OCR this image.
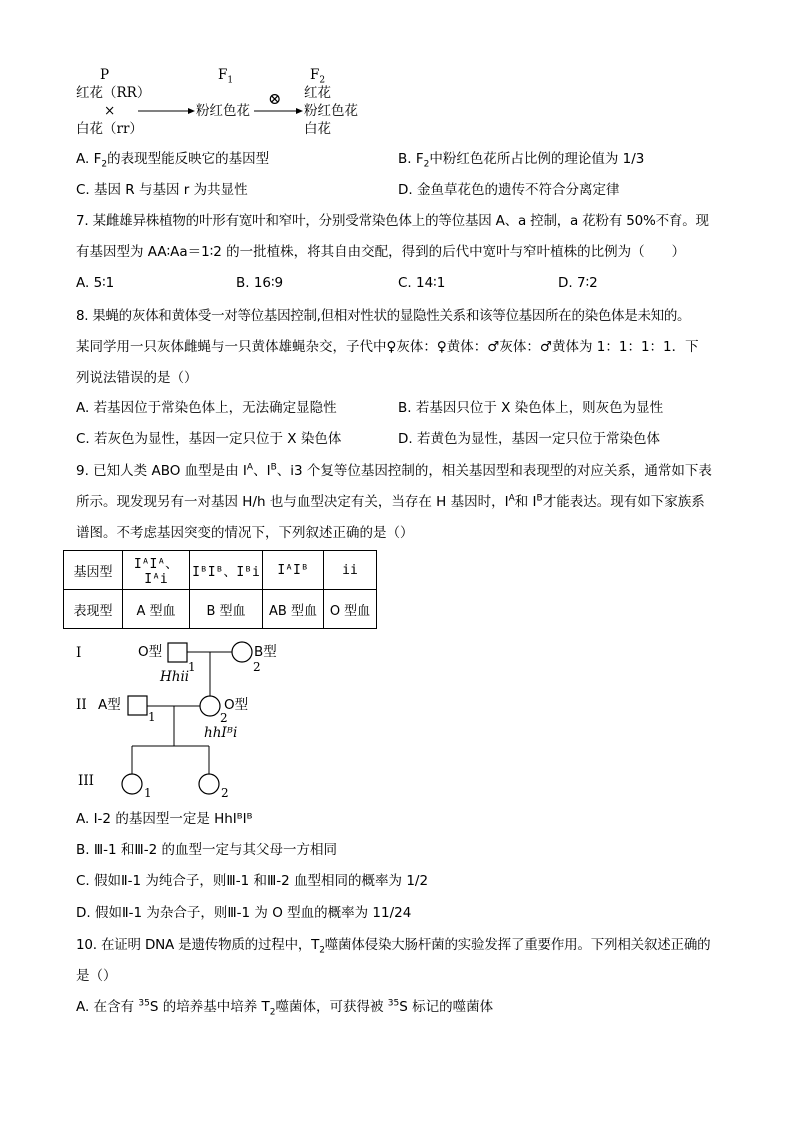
P	$F_1$	$F_2$
红花（RR）
×
白花（rr）
粉红色花
⊗ 红花
粉红色花
白花
A. $F_2$的表现型能反映它的基因型	B. $F_2$中粉红色花所占比例的理论值为 1/3
C. 基因 R 与基因 r 为共显性	D. 金鱼草花色的遗传不符合分离定律
7. 某雌雄异株植物的叶形有宽叶和窄叶，分别受常染色体上的等位基因 A、a 控制，a 花粉有 50%不育。现
有基因型为 AA∶Aa＝1∶2 的一批植株，将其自由交配，得到的后代中宽叶与窄叶植株的比例为（　　）
A. 5∶1	B. 16∶9	C. 14∶1	D. 7∶2
8. 果蝇的灰体和黄体受一对等位基因控制,但相对性状的显隐性关系和该等位基因所在的染色体是未知的。
某同学用一只灰体雌蝇与一只黄体雄蝇杂交，子代中♀灰体：♀黄体：♂灰体：♂黄体为 1：1：1：1．下
列说法错误的是（）
A. 若基因位于常染色体上，无法确定显隐性	B. 若基因只位于 X 染色体上，则灰色为显性
C. 若灰色为显性，基因一定只位于 X 染色体	D. 若黄色为显性，基因一定只位于常染色体
9. 已知人类 ABO 血型是由 $I^A$、$I^B$、i3 个复等位基因控制的，相关基因型和表现型的对应关系，通常如下表
所示。现发现另有一对基因 H/h 也与血型决定有关，当存在 H 基因时，$I^A$和 $I^B$才能表达。现有如下家族系
谱图。不考虑基因突变的情况下，下列叙述正确的是（）
基因型	IᴬIᴬ、Iᴬi	IᴮIᴮ、Iᴮi	IᴬIᴮ	ii
表现型	A 型血	B 型血	AB 型血	O 型血
I	O型
1
Hhii
B型
2
II A型
1
O型
2
hhIᴮi
III
1	2
A. I-2 的基因型一定是 HhIᴮIᴮ
B. Ⅲ-1 和Ⅲ-2 的血型一定与其父母一方相同
C. 假如Ⅱ-1 为纯合子，则Ⅲ-1 和Ⅲ-2 血型相同的概率为 1/2
D. 假如Ⅱ-1 为杂合子，则Ⅲ-1 为 O 型血的概率为 11/24
10. 在证明 DNA 是遗传物质的过程中，$T_2$噬菌体侵染大肠杆菌的实验发挥了重要作用。下列相关叙述正确的
是（）
A. 在含有 $^{35}$S 的培养基中培养 $T_2$噬菌体，可获得被 $^{35}$S 标记的噬菌体
